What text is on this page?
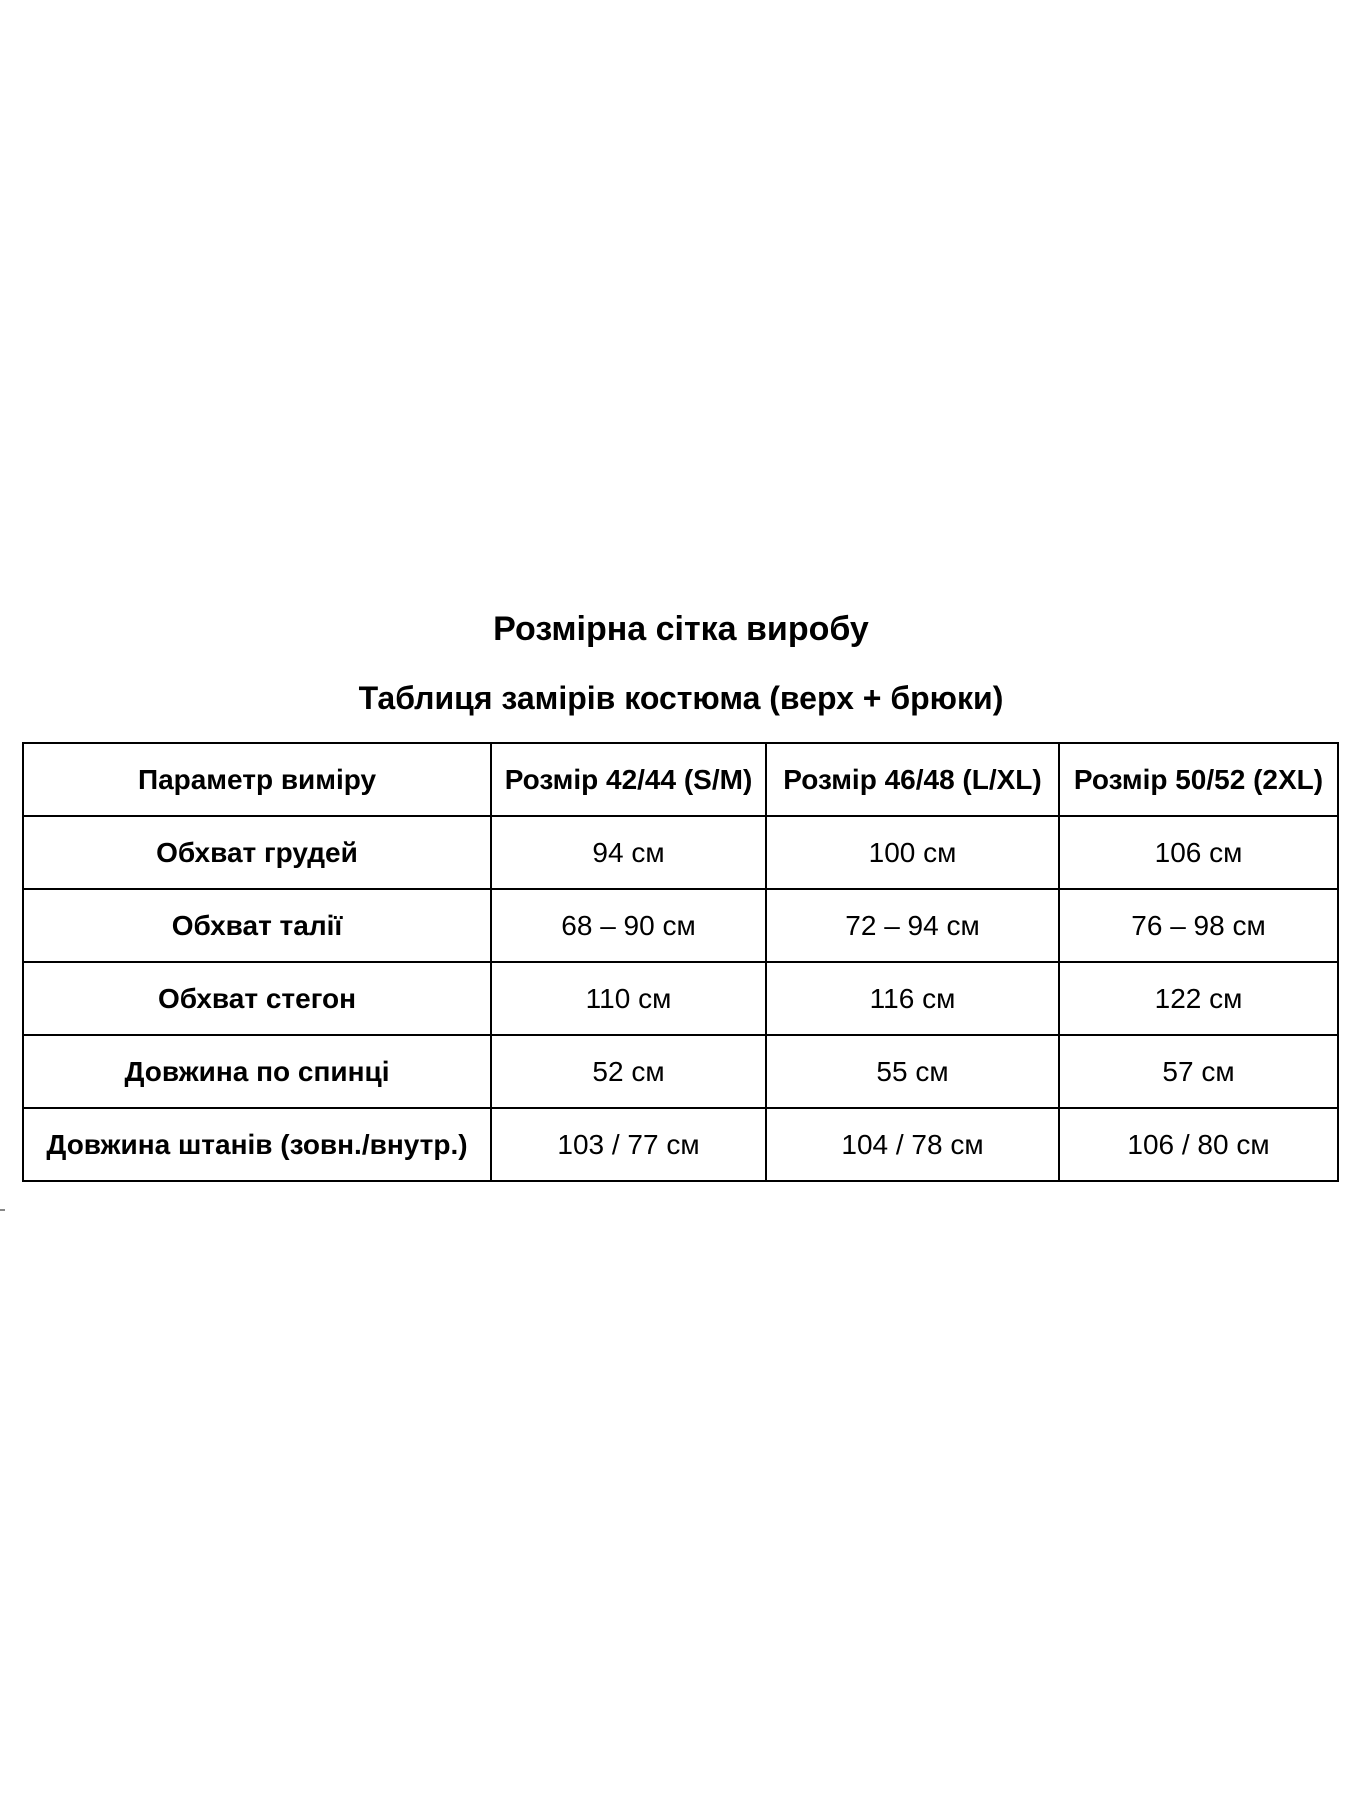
Розмірна сітка виробу
Таблиця замірів костюма (верх + брюки)
Параметр виміру	Розмір 42/44 (S/M)	Розмір 46/48 (L/XL)	Розмір 50/52 (2XL)
Обхват грудей	94 см	100 см	106 см
Обхват талії	68 – 90 см	72 – 94 см	76 – 98 см
Обхват стегон	110 см	116 см	122 см
Довжина по спинці	52 см	55 см	57 см
Довжина штанів (зовн./внутр.)	103 / 77 см	104 / 78 см	106 / 80 см
